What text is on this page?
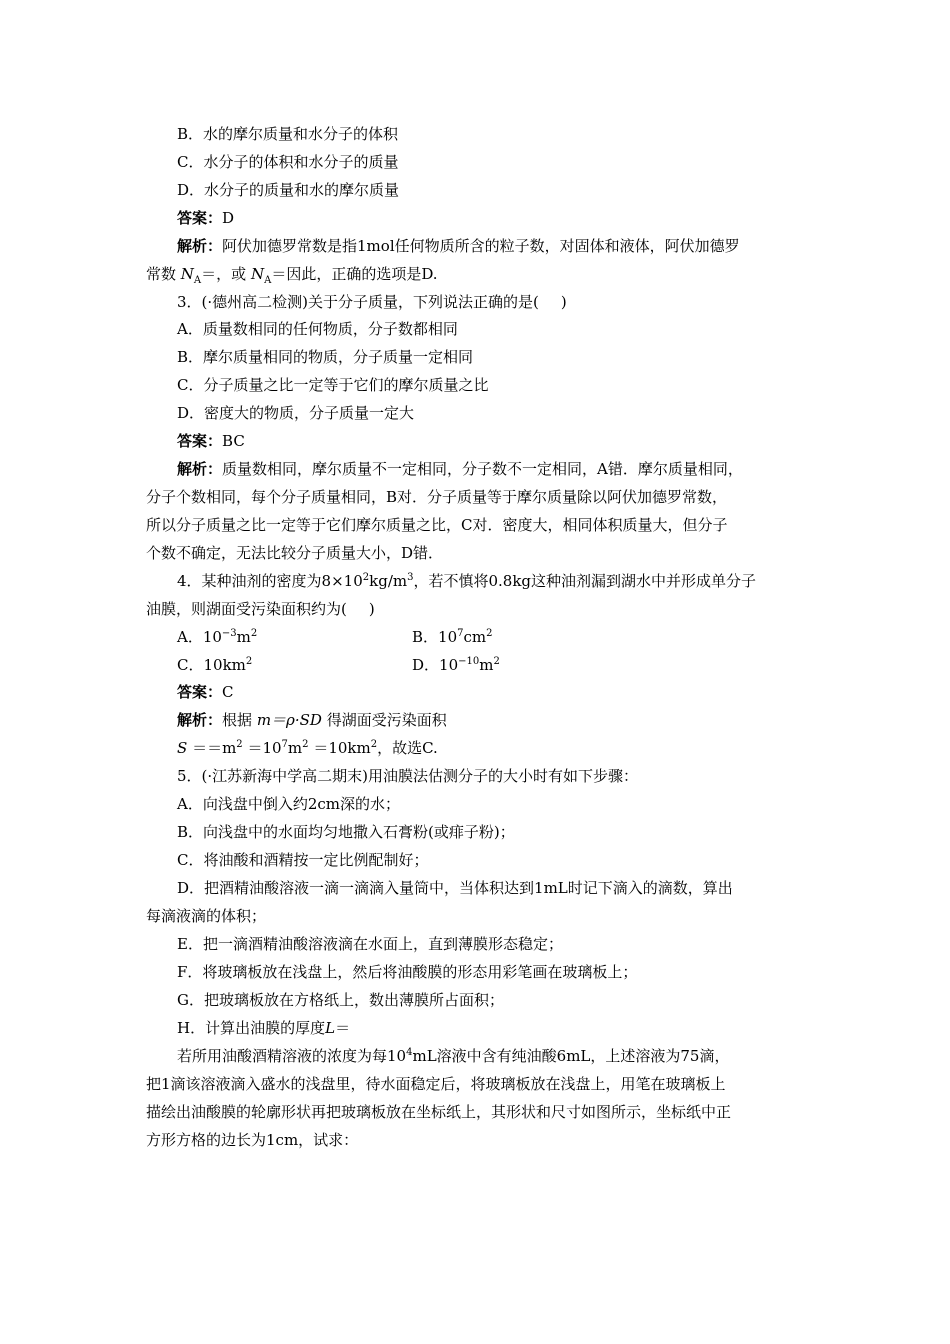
B．水的摩尔质量和水分子的体积
C．水分子的体积和水分子的质量
D．水分子的质量和水的摩尔质量
答案：D
解析：阿伏加德罗常数是指1mol任何物质所含的粒子数，对固体和液体，阿伏加德罗
常数 $N_A=$，或 $N_A=$因此，正确的选项是D.
3．(·德州高二检测)关于分子质量，下列说法正确的是( )
A．质量数相同的任何物质，分子数都相同
B．摩尔质量相同的物质，分子质量一定相同
C．分子质量之比一定等于它们的摩尔质量之比
D．密度大的物质，分子质量一定大
答案：BC
解析：质量数相同，摩尔质量不一定相同，分子数不一定相同，A错．摩尔质量相同，
分子个数相同，每个分子质量相同，B对．分子质量等于摩尔质量除以阿伏加德罗常数，
所以分子质量之比一定等于它们摩尔质量之比，C对．密度大，相同体积质量大，但分子
个数不确定，无法比较分子质量大小，D错．
4．某种油剂的密度为$8\times 10^2kg/m^3$，若不慎将0.8kg这种油剂漏到湖水中并形成单分子
油膜，则湖面受污染面积约为( )
A．$10^{-3}m^2$	B．$10^7cm^2$
C．$10km^2$	D．$10^{-10}m^2$
答案：C
解析：根据 m＝ρ·SD 得湖面受污染面积
$S ==m^2 =10^7m^2 =10km^2$，故选C.
5．(·江苏新海中学高二期末)用油膜法估测分子的大小时有如下步骤：
A．向浅盘中倒入约2cm深的水；
B．向浅盘中的水面均匀地撒入石膏粉(或痱子粉)；
C．将油酸和酒精按一定比例配制好；
D．把酒精油酸溶液一滴一滴滴入量筒中，当体积达到1mL时记下滴入的滴数，算出
每滴液滴的体积；
E．把一滴酒精油酸溶液滴在水面上，直到薄膜形态稳定；
F．将玻璃板放在浅盘上，然后将油酸膜的形态用彩笔画在玻璃板上；
G．把玻璃板放在方格纸上，数出薄膜所占面积；
H．计算出油膜的厚度L＝
若所用油酸酒精溶液的浓度为每$10^4mL$溶液中含有纯油酸6mL，上述溶液为75滴，
把1滴该溶液滴入盛水的浅盘里，待水面稳定后，将玻璃板放在浅盘上，用笔在玻璃板上
描绘出油酸膜的轮廓形状再把玻璃板放在坐标纸上，其形状和尺寸如图所示，坐标纸中正
方形方格的边长为1cm，试求：
